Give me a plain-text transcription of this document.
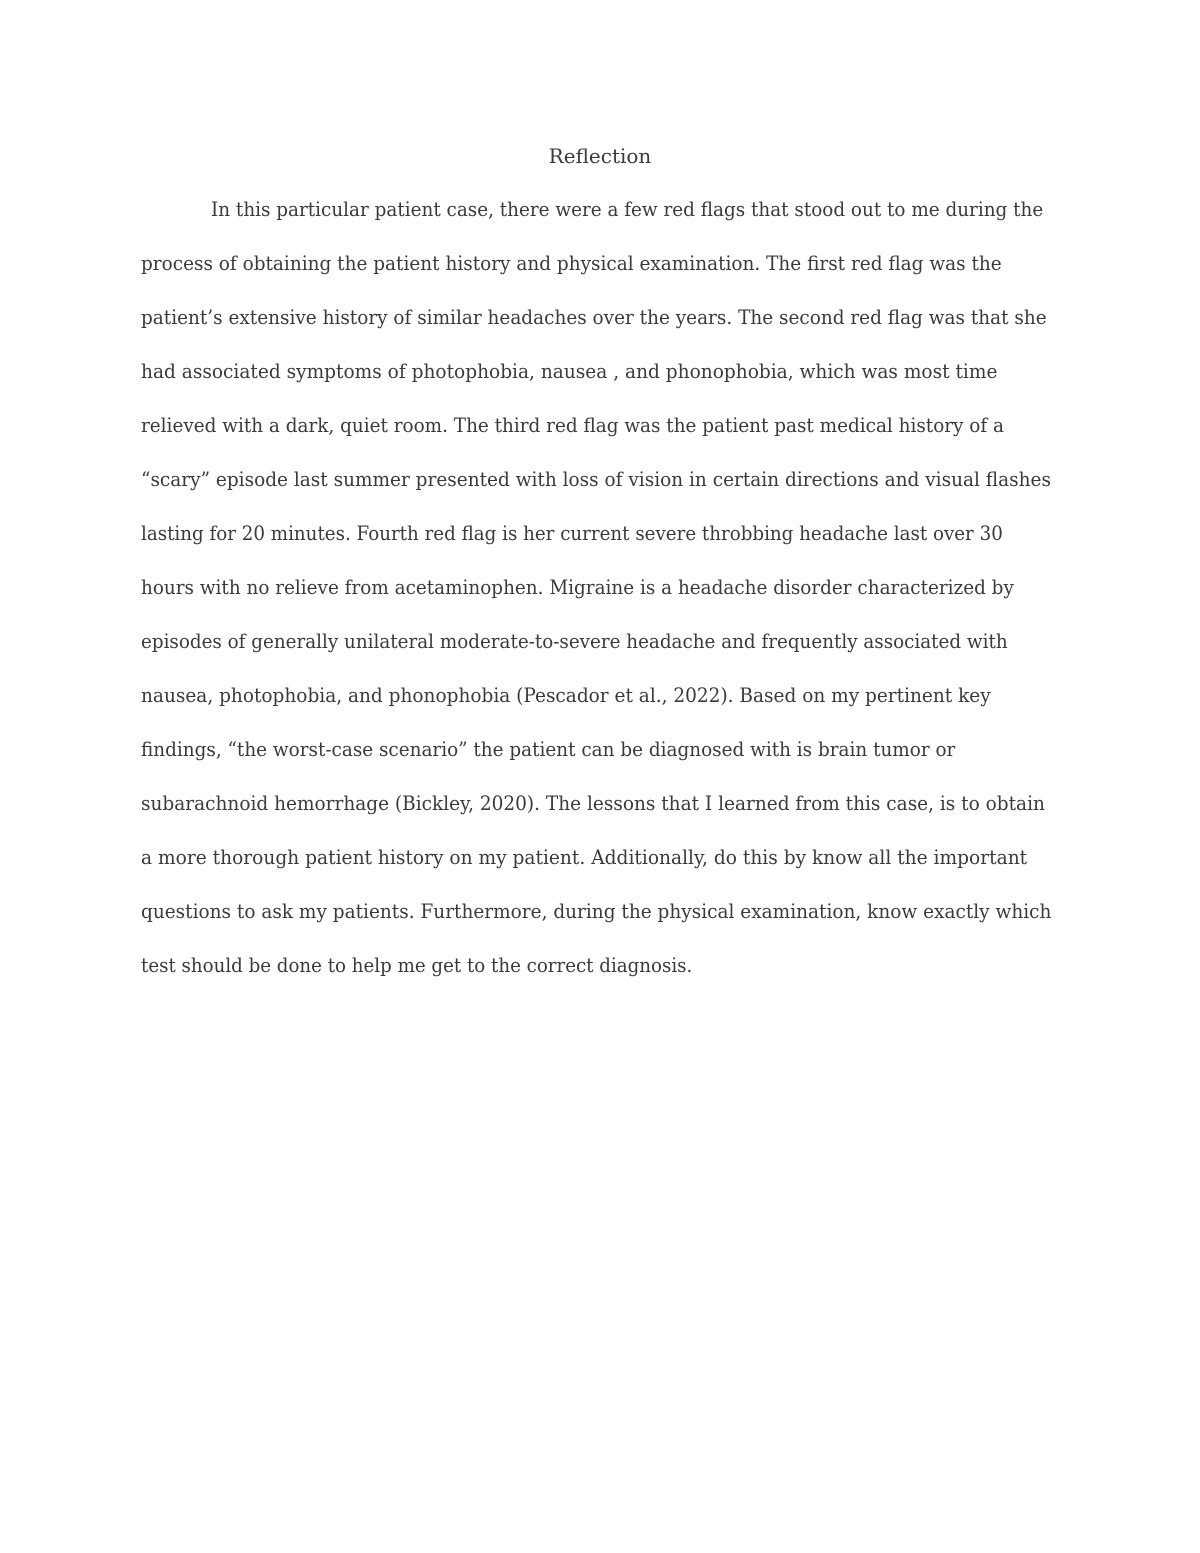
Reflection
In this particular patient case, there were a few red flags that stood out to me during the
process of obtaining the patient history and physical examination. The first red flag was the
patient’s extensive history of similar headaches over the years. The second red flag was that she
had associated symptoms of photophobia, nausea , and phonophobia, which was most time
relieved with a dark, quiet room. The third red flag was the patient past medical history of a
“scary” episode last summer presented with loss of vision in certain directions and visual flashes
lasting for 20 minutes. Fourth red flag is her current severe throbbing headache last over 30
hours with no relieve from acetaminophen. Migraine is a headache disorder characterized by
episodes of generally unilateral moderate-to-severe headache and frequently associated with
nausea, photophobia, and phonophobia (Pescador et al., 2022). Based on my pertinent key
findings, “the worst-case scenario” the patient can be diagnosed with is brain tumor or
subarachnoid hemorrhage (Bickley, 2020). The lessons that I learned from this case, is to obtain
a more thorough patient history on my patient. Additionally, do this by know all the important
questions to ask my patients. Furthermore, during the physical examination, know exactly which
test should be done to help me get to the correct diagnosis.
